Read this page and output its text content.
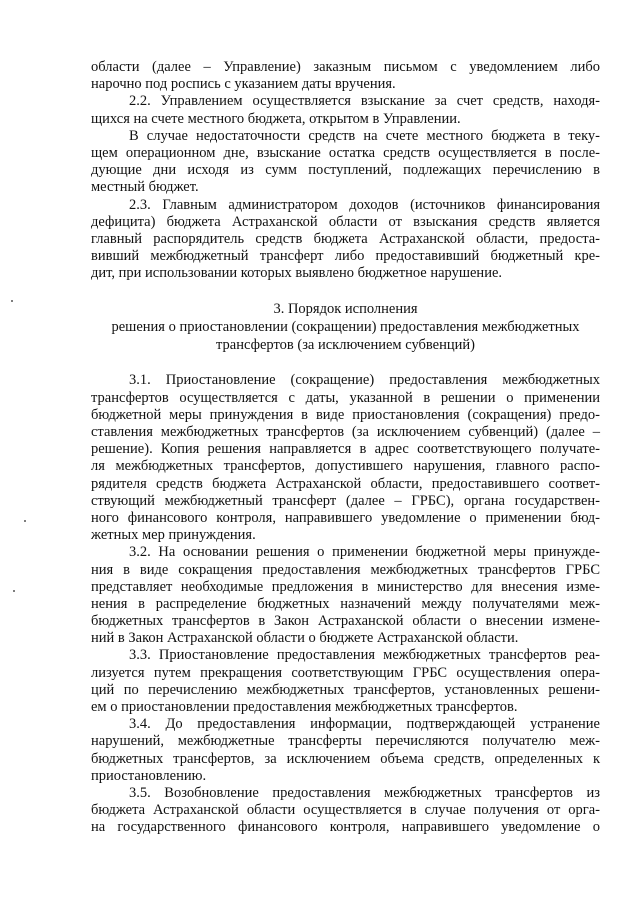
области (далее – Управление) заказным письмом с уведомлением либо
нарочно под роспись с указанием даты вручения.
2.2. Управлением осуществляется взыскание за счет средств, находя-
щихся на счете местного бюджета, открытом в Управлении.
В случае недостаточности средств на счете местного бюджета в теку-
щем операционном дне, взыскание остатка средств осуществляется в после-
дующие дни исходя из сумм поступлений, подлежащих перечислению в
местный бюджет.
2.3. Главным администратором доходов (источников финансирования
дефицита) бюджета Астраханской области от взыскания средств является
главный распорядитель средств бюджета Астраханской области, предоста-
вивший межбюджетный трансферт либо предоставивший бюджетный кре-
дит, при использовании которых выявлено бюджетное нарушение.
3. Порядок исполнения
решения о приостановлении (сокращении) предоставления межбюджетных
трансфертов (за исключением субвенций)
3.1. Приостановление (сокращение) предоставления межбюджетных
трансфертов осуществляется с даты, указанной в решении о применении
бюджетной меры принуждения в виде приостановления (сокращения) предо-
ставления межбюджетных трансфертов (за исключением субвенций) (далее –
решение). Копия решения направляется в адрес соответствующего получате-
ля межбюджетных трансфертов, допустившего нарушения, главного распо-
рядителя средств бюджета Астраханской области, предоставившего соответ-
ствующий межбюджетный трансферт (далее – ГРБС), органа государствен-
ного финансового контроля, направившего уведомление о применении бюд-
жетных мер принуждения.
3.2. На основании решения о применении бюджетной меры принужде-
ния в виде сокращения предоставления межбюджетных трансфертов ГРБС
представляет необходимые предложения в министерство для внесения изме-
нения в распределение бюджетных назначений между получателями меж-
бюджетных трансфертов в Закон Астраханской области о внесении измене-
ний в Закон Астраханской области о бюджете Астраханской области.
3.3. Приостановление предоставления межбюджетных трансфертов реа-
лизуется путем прекращения соответствующим ГРБС осуществления опера-
ций по перечислению межбюджетных трансфертов, установленных решени-
ем о приостановлении предоставления межбюджетных трансфертов.
3.4. До предоставления информации, подтверждающей устранение
нарушений, межбюджетные трансферты перечисляются получателю меж-
бюджетных трансфертов, за исключением объема средств, определенных к
приостановлению.
3.5. Возобновление предоставления межбюджетных трансфертов из
бюджета Астраханской области осуществляется в случае получения от орга-
на государственного финансового контроля, направившего уведомление о
